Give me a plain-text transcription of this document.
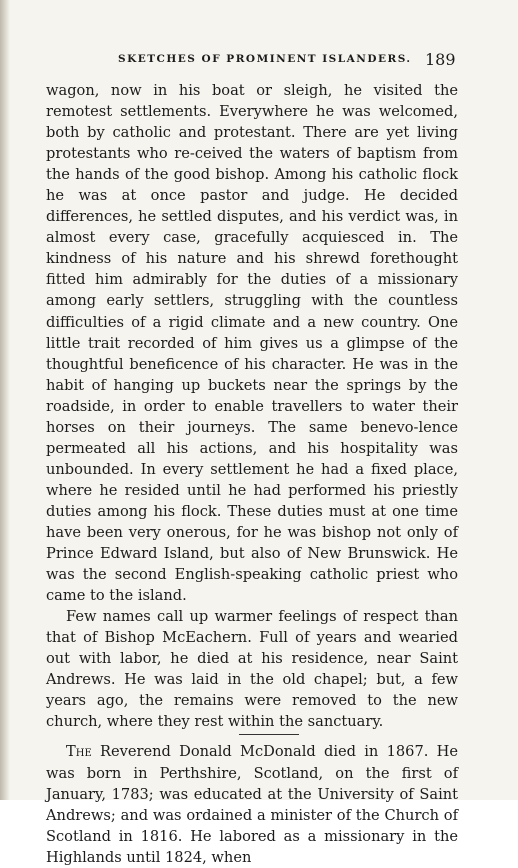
SKETCHES OF PROMINENT ISLANDERS. 189

wagon, now in his boat or sleigh, he visited the remotest settlements. Everywhere he was welcomed, both by catholic and protestant. There are yet living protestants who re-ceived the waters of baptism from the hands of the good bishop. Among his catholic flock he was at once pastor and judge. He decided differences, he settled disputes, and his verdict was, in almost every case, gracefully acquiesced in. The kindness of his nature and his shrewd forethought fitted him admirably for the duties of a missionary among early settlers, struggling with the countless difficulties of a rigid climate and a new country. One little trait recorded of him gives us a glimpse of the thoughtful beneficence of his character. He was in the habit of hanging up buckets near the springs by the roadside, in order to enable travellers to water their horses on their journeys. The same benevo-lence permeated all his actions, and his hospitality was unbounded. In every settlement he had a fixed place, where he resided until he had performed his priestly duties among his flock. These duties must at one time have been very onerous, for he was bishop not only of Prince Edward Island, but also of New Brunswick. He was the second English-speaking catholic priest who came to the island.

Few names call up warmer feelings of respect than that of Bishop McEachern. Full of years and wearied out with labor, he died at his residence, near Saint Andrews. He was laid in the old chapel; but, a few years ago, the remains were removed to the new church, where they rest within the sanctuary.

The Reverend Donald McDonald died in 1867. He was born in Perthshire, Scotland, on the first of January, 1783; was educated at the University of Saint Andrews; and was ordained a minister of the Church of Scotland in 1816. He labored as a missionary in the Highlands until 1824, when
